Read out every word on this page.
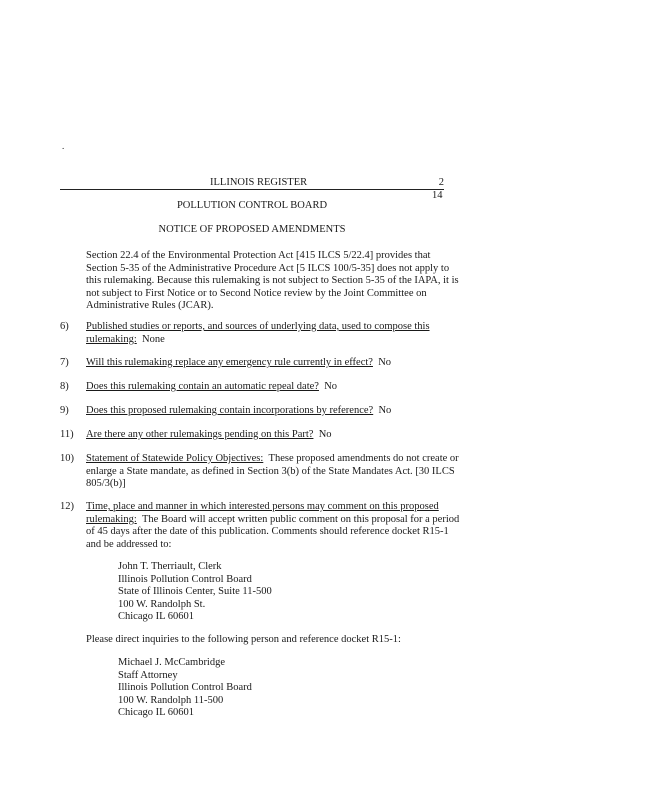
.
ILLINOIS REGISTER	2
14
POLLUTION CONTROL BOARD
NOTICE OF PROPOSED AMENDMENTS
Section 22.4 of the Environmental Protection Act [415 ILCS 5/22.4] provides that
Section 5-35 of the Administrative Procedure Act [5 ILCS 100/5-35] does not apply to
this rulemaking. Because this rulemaking is not subject to Section 5-35 of the IAPA, it is
not subject to First Notice or to Second Notice review by the Joint Committee on
Administrative Rules (JCAR).
6)	Published studies or reports, and sources of underlying data, used to compose this
rulemaking: None
7)	Will this rulemaking replace any emergency rule currently in effect? No
8)	Does this rulemaking contain an automatic repeal date? No
9)	Does this proposed rulemaking contain incorporations by reference? No
11)	Are there any other rulemakings pending on this Part? No
10)	Statement of Statewide Policy Objectives: These proposed amendments do not create or
enlarge a State mandate, as defined in Section 3(b) of the State Mandates Act. [30 ILCS
805/3(b)]
12)	Time, place and manner in which interested persons may comment on this proposed
rulemaking: The Board will accept written public comment on this proposal for a period
of 45 days after the date of this publication. Comments should reference docket R15-1
and be addressed to:
John T. Therriault, Clerk
Illinois Pollution Control Board
State of Illinois Center, Suite 11-500
100 W. Randolph St.
Chicago IL 60601
Please direct inquiries to the following person and reference docket R15-1:
Michael J. McCambridge
Staff Attorney
Illinois Pollution Control Board
100 W. Randolph 11-500
Chicago IL 60601
